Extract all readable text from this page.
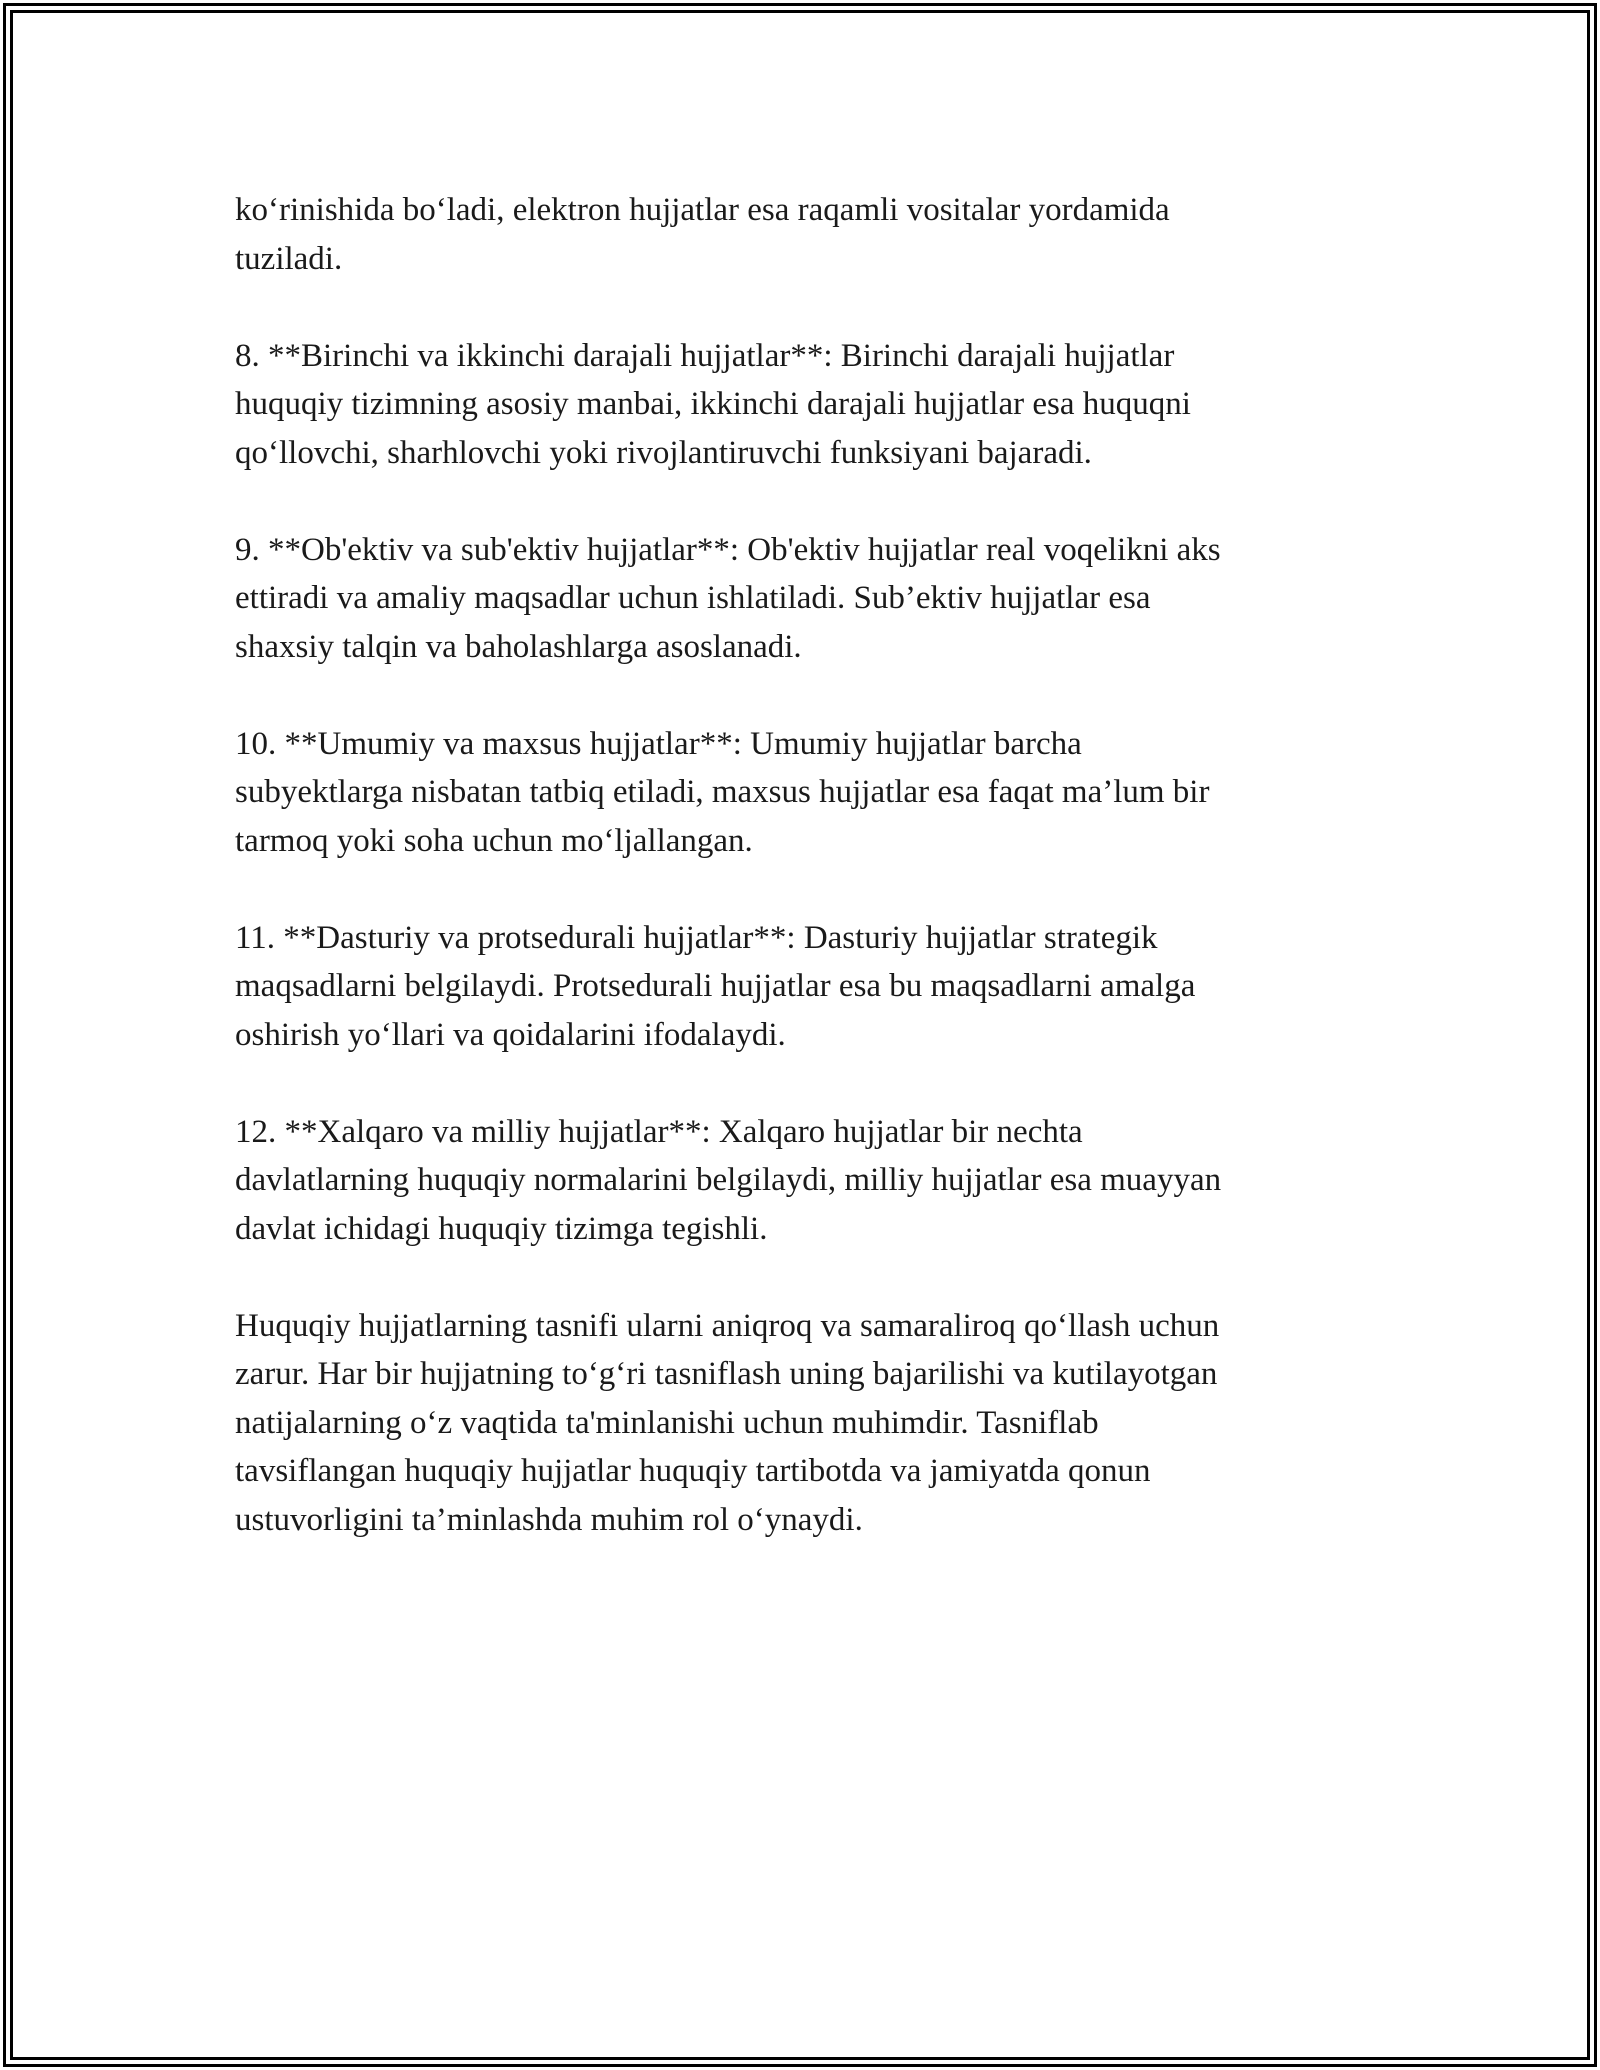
ko‘rinishida bo‘ladi, elektron hujjatlar esa raqamli vositalar yordamida
tuziladi.
8. **Birinchi va ikkinchi darajali hujjatlar**: Birinchi darajali hujjatlar
huquqiy tizimning asosiy manbai, ikkinchi darajali hujjatlar esa huquqni
qo‘llovchi, sharhlovchi yoki rivojlantiruvchi funksiyani bajaradi.
9. **Ob'ektiv va sub'ektiv hujjatlar**: Ob'ektiv hujjatlar real voqelikni aks
ettiradi va amaliy maqsadlar uchun ishlatiladi. Sub’ektiv hujjatlar esa
shaxsiy talqin va baholashlarga asoslanadi.
10. **Umumiy va maxsus hujjatlar**: Umumiy hujjatlar barcha
subyektlarga nisbatan tatbiq etiladi, maxsus hujjatlar esa faqat ma’lum bir
tarmoq yoki soha uchun mo‘ljallangan.
11. **Dasturiy va protsedurali hujjatlar**: Dasturiy hujjatlar strategik
maqsadlarni belgilaydi. Protsedurali hujjatlar esa bu maqsadlarni amalga
oshirish yo‘llari va qoidalarini ifodalaydi.
12. **Xalqaro va milliy hujjatlar**: Xalqaro hujjatlar bir nechta
davlatlarning huquqiy normalarini belgilaydi, milliy hujjatlar esa muayyan
davlat ichidagi huquqiy tizimga tegishli.
Huquqiy hujjatlarning tasnifi ularni aniqroq va samaraliroq qo‘llash uchun
zarur. Har bir hujjatning to‘g‘ri tasniflash uning bajarilishi va kutilayotgan
natijalarning o‘z vaqtida ta'minlanishi uchun muhimdir. Tasniflab
tavsiflangan huquqiy hujjatlar huquqiy tartibotda va jamiyatda qonun
ustuvorligini ta’minlashda muhim rol o‘ynaydi.
